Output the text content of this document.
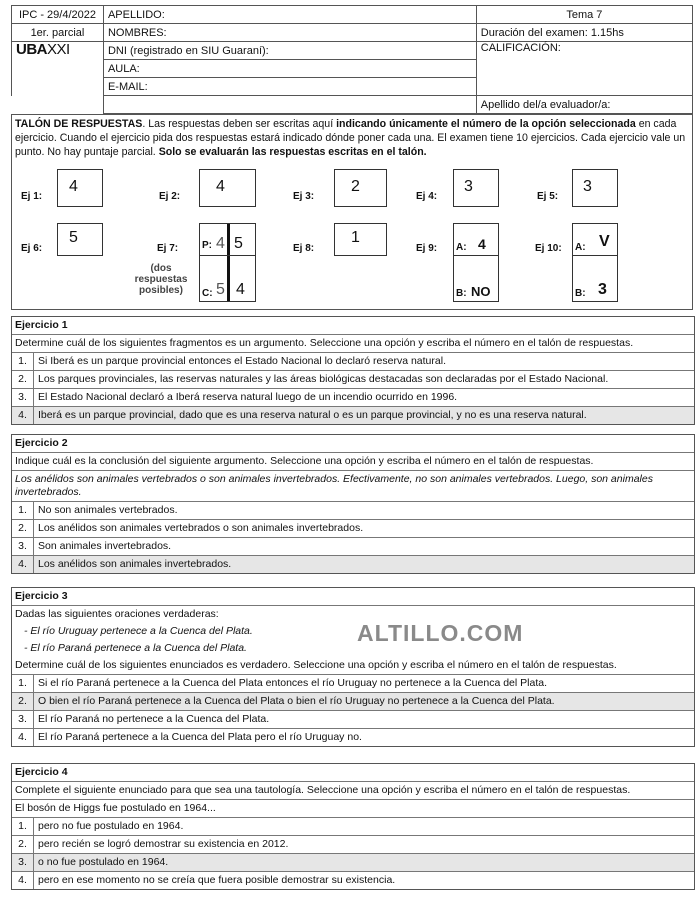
IPC - 29/4/2022	APELLIDO:	Tema 7
1er. parcial	NOMBRES:	Duración del examen: 1.15hs
UBAXXI	DNI (registrado en SIU Guaraní):	CALIFICACIÓN:
	AULA:	
	E-MAIL:	
		Apellido del/a evaluador/a:
TALÓN DE RESPUESTAS. Las respuestas deben ser escritas aquí indicando únicamente el número de la opción seleccionada en cada ejercicio. Cuando el ejercicio pida dos respuestas estará indicado dónde poner cada una. El examen tiene 10 ejercicios. Cada ejercicio vale un punto. No hay puntaje parcial. Solo se evaluarán las respuestas escritas en el talón.
Ej 1:
4
Ej 2:
4
Ej 3:
2
Ej 4:
3
Ej 5:
3
Ej 6:
5
Ej 7:
(dos
respuestas
posibles)
P: 4 5
C: 5 4
Ej 8:
1
Ej 9: A: 4
B: NO
Ej 10: A: V
B: 3
Ejercicio 1
Determine cuál de los siguientes fragmentos es un argumento. Seleccione una opción y escriba el número en el talón de respuestas.
1.	Si Iberá es un parque provincial entonces el Estado Nacional lo declaró reserva natural.
2.	Los parques provinciales, las reservas naturales y las áreas biológicas destacadas son declaradas por el Estado Nacional.
3.	El Estado Nacional declaró a Iberá reserva natural luego de un incendio ocurrido en 1996.
4.	Iberá es un parque provincial, dado que es una reserva natural o es un parque provincial, y no es una reserva natural.
Ejercicio 2
Indique cuál es la conclusión del siguiente argumento. Seleccione una opción y escriba el número en el talón de respuestas.
Los anélidos son animales vertebrados o son animales invertebrados. Efectivamente, no son animales vertebrados. Luego, son animales invertebrados.
1.	No son animales vertebrados.
2.	Los anélidos son animales vertebrados o son animales invertebrados.
3.	Son animales invertebrados.
4.	Los anélidos son animales invertebrados.
Ejercicio 3
Dadas las siguientes oraciones verdaderas:
- El río Uruguay pertenece a la Cuenca del Plata.
- El río Paraná pertenece a la Cuenca del Plata.
Determine cuál de los siguientes enunciados es verdadero. Seleccione una opción y escriba el número en el talón de respuestas.
1.	Si el río Paraná pertenece a la Cuenca del Plata entonces el río Uruguay no pertenece a la Cuenca del Plata.
2.	O bien el río Paraná pertenece a la Cuenca del Plata o bien el río Uruguay no pertenece a la Cuenca del Plata.
3.	El río Paraná no pertenece a la Cuenca del Plata.
4.	El río Paraná pertenece a la Cuenca del Plata pero el río Uruguay no.
ALTILLO.COM
Ejercicio 4
Complete el siguiente enunciado para que sea una tautología. Seleccione una opción y escriba el número en el talón de respuestas.
El bosón de Higgs fue postulado en 1964...
1.	pero no fue postulado en 1964.
2.	pero recién se logró demostrar su existencia en 2012.
3.	o no fue postulado en 1964.
4.	pero en ese momento no se creía que fuera posible demostrar su existencia.
